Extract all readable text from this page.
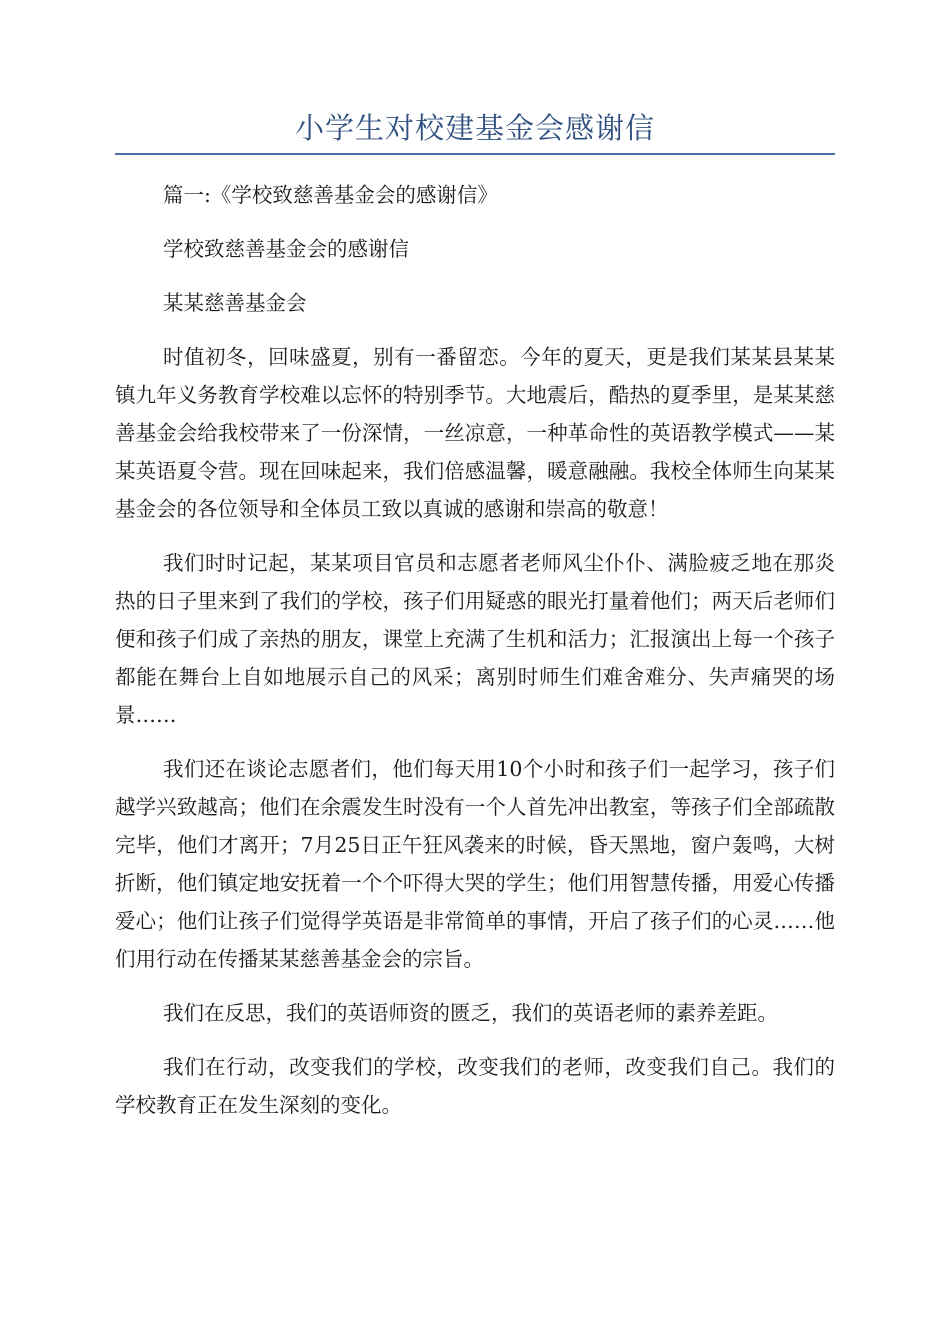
小学生对校建基金会感谢信

篇一:《学校致慈善基金会的感谢信》

学校致慈善基金会的感谢信

某某慈善基金会

时值初冬，回味盛夏，别有一番留恋。今年的夏天，更是我们某某县某某镇九年义务教育学校难以忘怀的特别季节。大地震后，酷热的夏季里，是某某慈善基金会给我校带来了一份深情，一丝凉意，一种革命性的英语教学模式——某某英语夏令营。现在回味起来，我们倍感温馨，暖意融融。我校全体师生向某某基金会的各位领导和全体员工致以真诚的感谢和崇高的敬意！

我们时时记起，某某项目官员和志愿者老师风尘仆仆、满脸疲乏地在那炎热的日子里来到了我们的学校，孩子们用疑惑的眼光打量着他们；两天后老师们便和孩子们成了亲热的朋友，课堂上充满了生机和活力；汇报演出上每一个孩子都能在舞台上自如地展示自己的风采；离别时师生们难舍难分、失声痛哭的场景……

我们还在谈论志愿者们，他们每天用10个小时和孩子们一起学习，孩子们越学兴致越高；他们在余震发生时没有一个人首先冲出教室，等孩子们全部疏散完毕，他们才离开；7月25日正午狂风袭来的时候，昏天黑地，窗户轰鸣，大树折断，他们镇定地安抚着一个个吓得大哭的学生；他们用智慧传播，用爱心传播爱心；他们让孩子们觉得学英语是非常简单的事情，开启了孩子们的心灵……他们用行动在传播某某慈善基金会的宗旨。

我们在反思，我们的英语师资的匮乏，我们的英语老师的素养差距。

我们在行动，改变我们的学校，改变我们的老师，改变我们自己。我们的学校教育正在发生深刻的变化。
